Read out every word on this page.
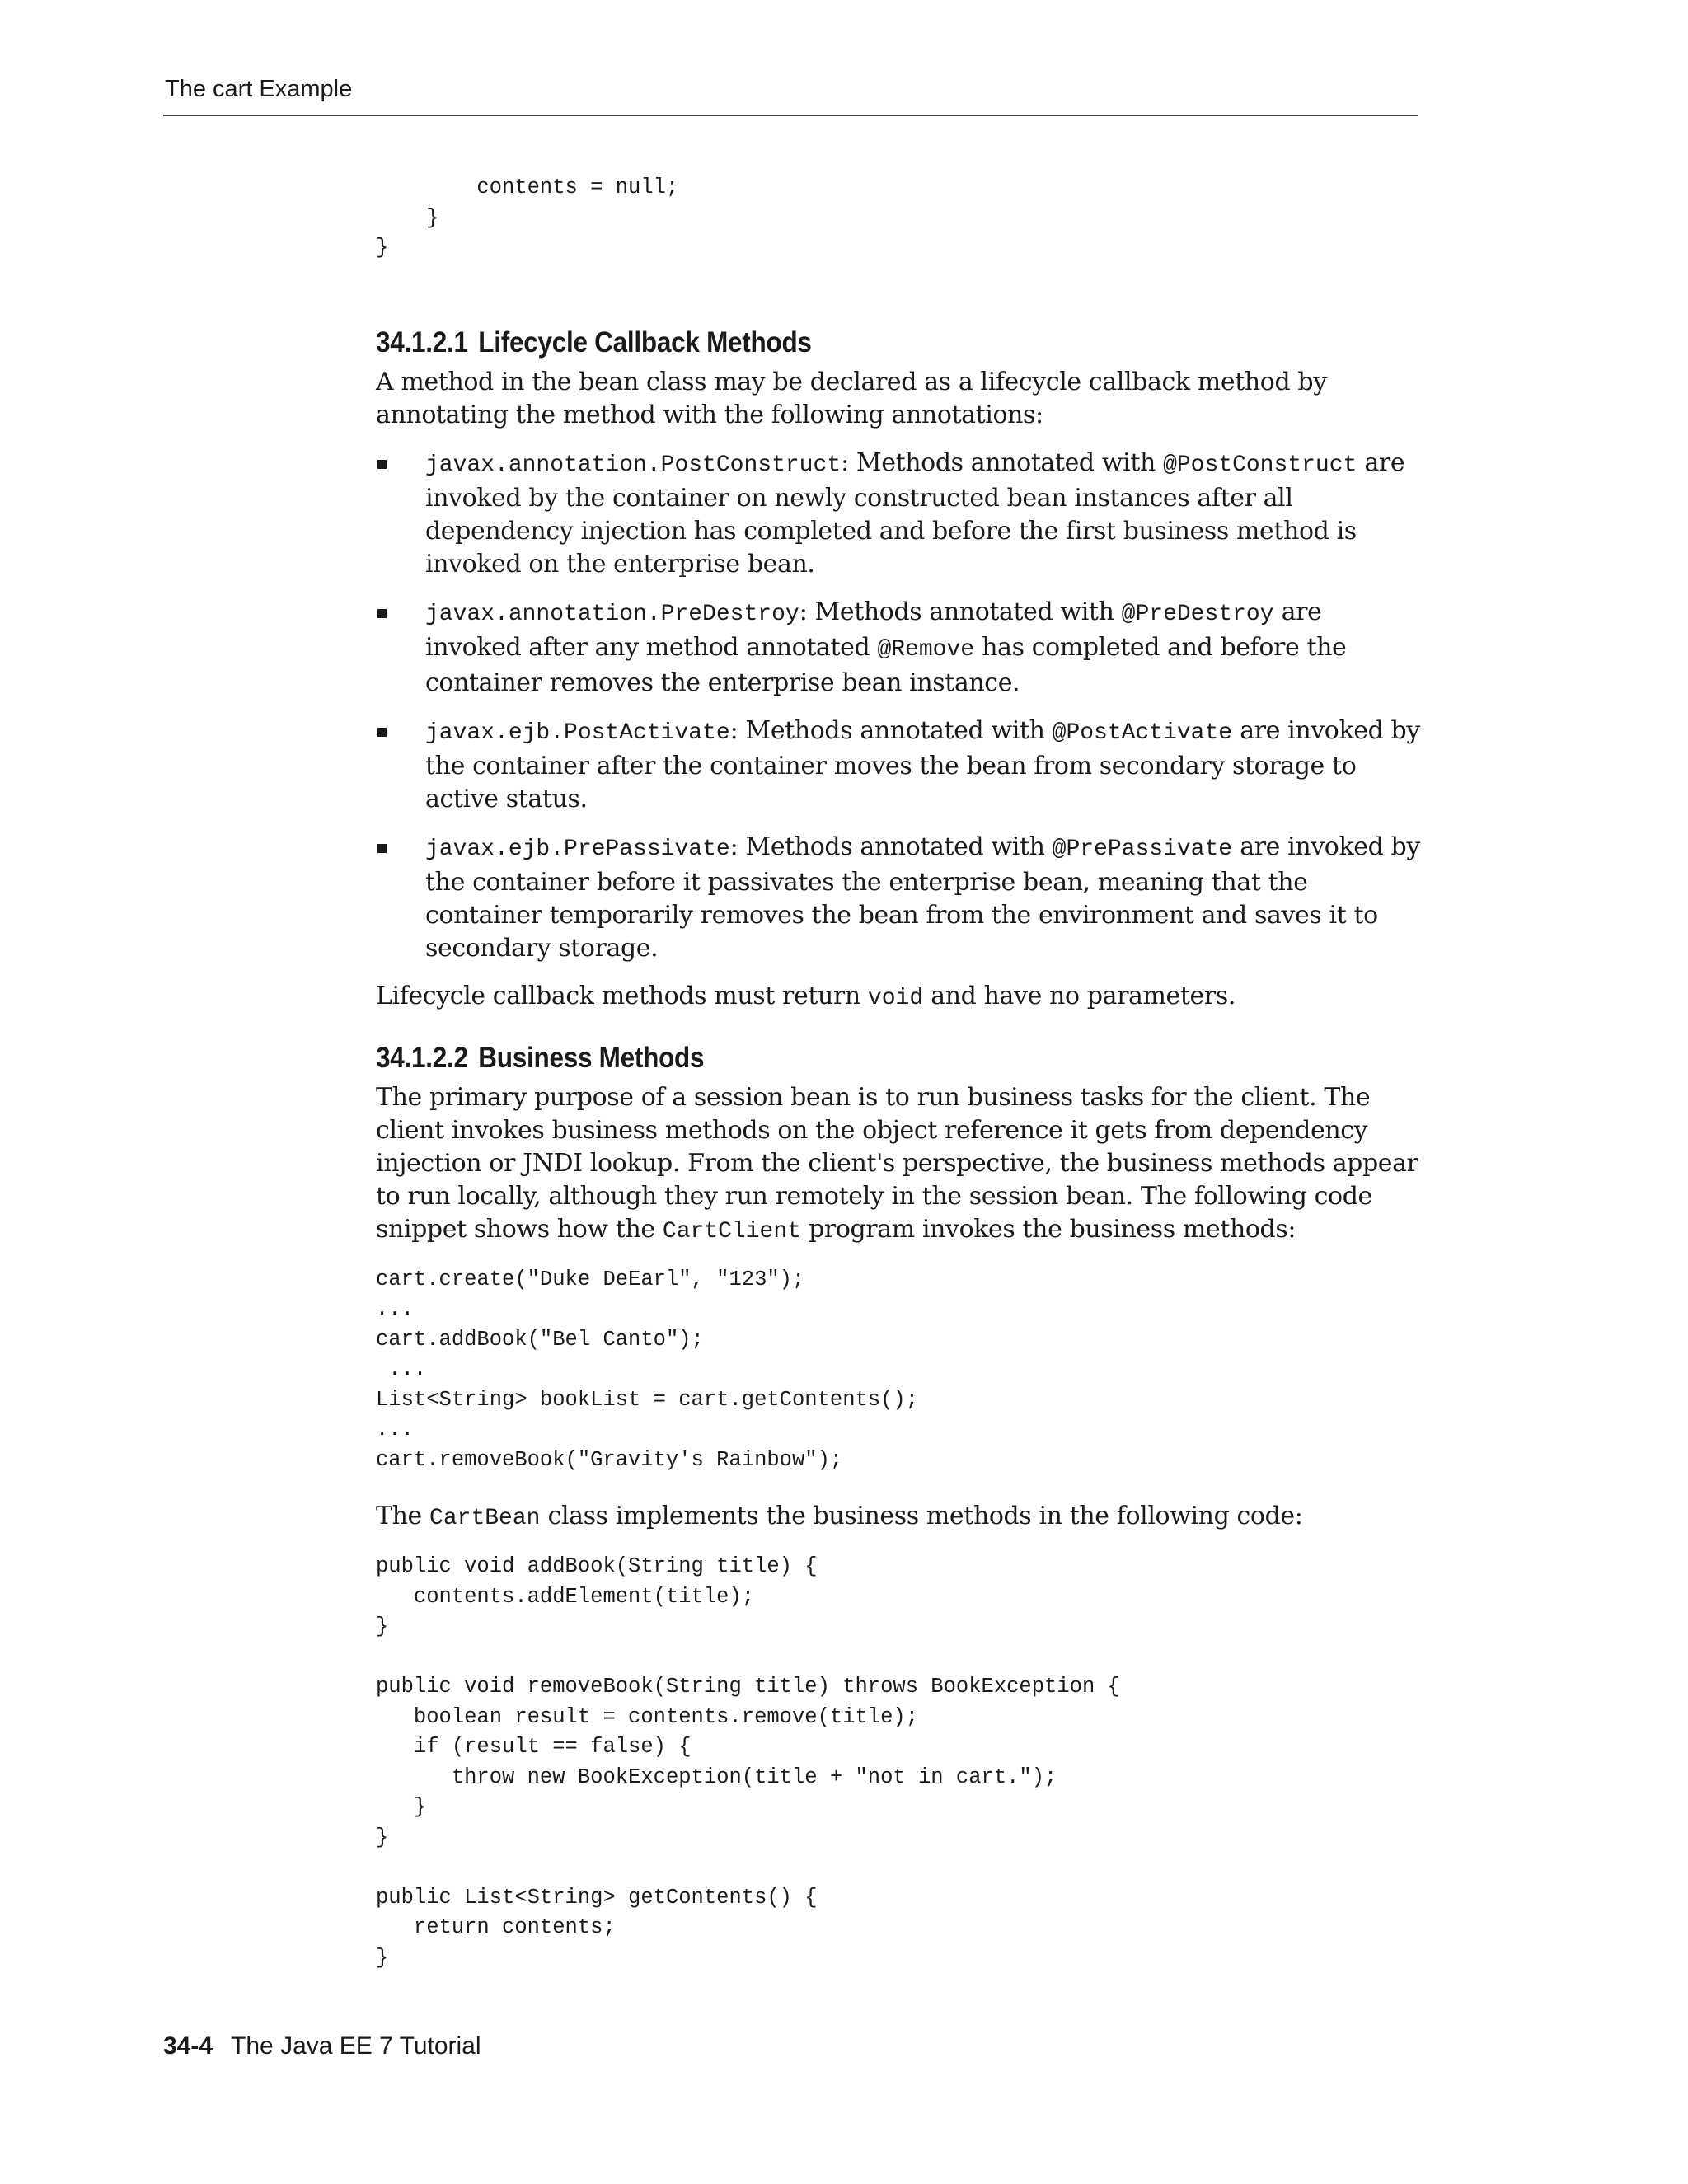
The cart Example
contents = null;
}
}
34.1.2.1 Lifecycle Callback Methods

A method in the bean class may be declared as a lifecycle callback method by annotating the method with the following annotations:

javax.annotation.PostConstruct: Methods annotated with @PostConstruct are invoked by the container on newly constructed bean instances after all dependency injection has completed and before the first business method is invoked on the enterprise bean.
javax.annotation.PreDestroy: Methods annotated with @PreDestroy are invoked after any method annotated @Remove has completed and before the container removes the enterprise bean instance.
javax.ejb.PostActivate: Methods annotated with @PostActivate are invoked by the container after the container moves the bean from secondary storage to active status.
javax.ejb.PrePassivate: Methods annotated with @PrePassivate are invoked by the container before it passivates the enterprise bean, meaning that the container temporarily removes the bean from the environment and saves it to secondary storage.

Lifecycle callback methods must return void and have no parameters.

34.1.2.2 Business Methods

The primary purpose of a session bean is to run business tasks for the client. The client invokes business methods on the object reference it gets from dependency injection or JNDI lookup. From the client's perspective, the business methods appear to run locally, although they run remotely in the session bean. The following code snippet shows how the CartClient program invokes the business methods:

cart.create("Duke DeEarl", "123");
...
cart.addBook("Bel Canto");
...
List<String> bookList = cart.getContents();
...
cart.removeBook("Gravity's Rainbow");

The CartBean class implements the business methods in the following code:

public void addBook(String title) {
contents.addElement(title);
}

public void removeBook(String title) throws BookException {
boolean result = contents.remove(title);
if (result == false) {
throw new BookException(title + "not in cart.");
}
}

public List<String> getContents() {
return contents;
}
34-4 The Java EE 7 Tutorial
